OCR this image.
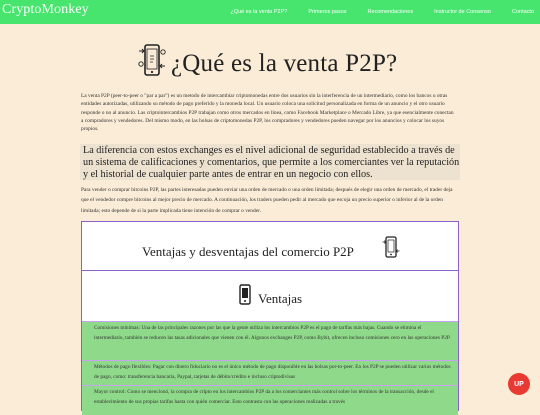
CryptoMonkey	¿Qué es la venta P2P?	Primeros pasos	Recomendaciones	Instructor de Consenso	Contacto
¿Qué es la venta P2P?

La venta P2P (peer-to-peer o "par a par") es un metodo de intercambiar criptomonedas entre dos usuarios sin la interferencia de un intermediario, como los bancos u otras entidades autorizadas, utilizando su método de pago preferido y la moneda local. Un usuario coloca una solicitud personalizada en forma de un anuncio y el otro usuario responde o no al anuncio. Las criptointercambios P2P trabajan como otros mercados en línea, como Facebook Marketplace o Mercado Libre, ya que esencialmente conectan a compradores y vendedores. Del mismo modo, en las bolsas de criptomonedas P2P, los compradores y vendedores pueden navegar por los anuncios y colocar los suyos propios.

La diferencia con estos exchanges es el nivel adicional de seguridad establecido a través de un sistema de calificaciones y comentarios, que permite a los comerciantes ver la reputación y el historial de cualquier parte antes de entrar en un negocio con ellos.

Para vender o comprar bitcoins P2P, las partes interesadas pueden enviar una orden de mercado o una orden limitada; después de elegir una orden de mercado, el trader deja que el vendedor compre bitcoins al mejor precio de mercado. A continuación, los traders pueden pedir al mercado que escoja un precio superior o inferior al de la orden limitada; esto depende de si la parte implicada tiene intención de comprar o vender.

Ventajas y desventajas del comercio P2P
Ventajas
Comisiones mínimas: Una de las principales razones por las que la gente utiliza los intercambios P2P es el pago de tarifas más bajas. Cuando se elimina el intermediario, también se reducen las tasas adicionales que vienen con él. Algunos exchanges P2P, como Bybit, ofrecen incluso comisiones cero en las operaciones P2P.
Métodos de pago flexibles: Pagar con dinero fiduciario no es el único método de pago disponible en las bolsas por-to-peer. En los P2P se pueden utilizar varios métodos de pago, como: transferencia bancaria, Paypal, tarjetas de débito/crédito e incluso criptodivisas
Mayor control: Como se mencionó, la compra de cripto en los intercambios P2P da a los comerciantes más control sobre los términos de la transacción, desde el establecimiento de sus propias tarifas hasta con quién comerciar. Esto contrasta con las operaciones realizadas a través
UP
